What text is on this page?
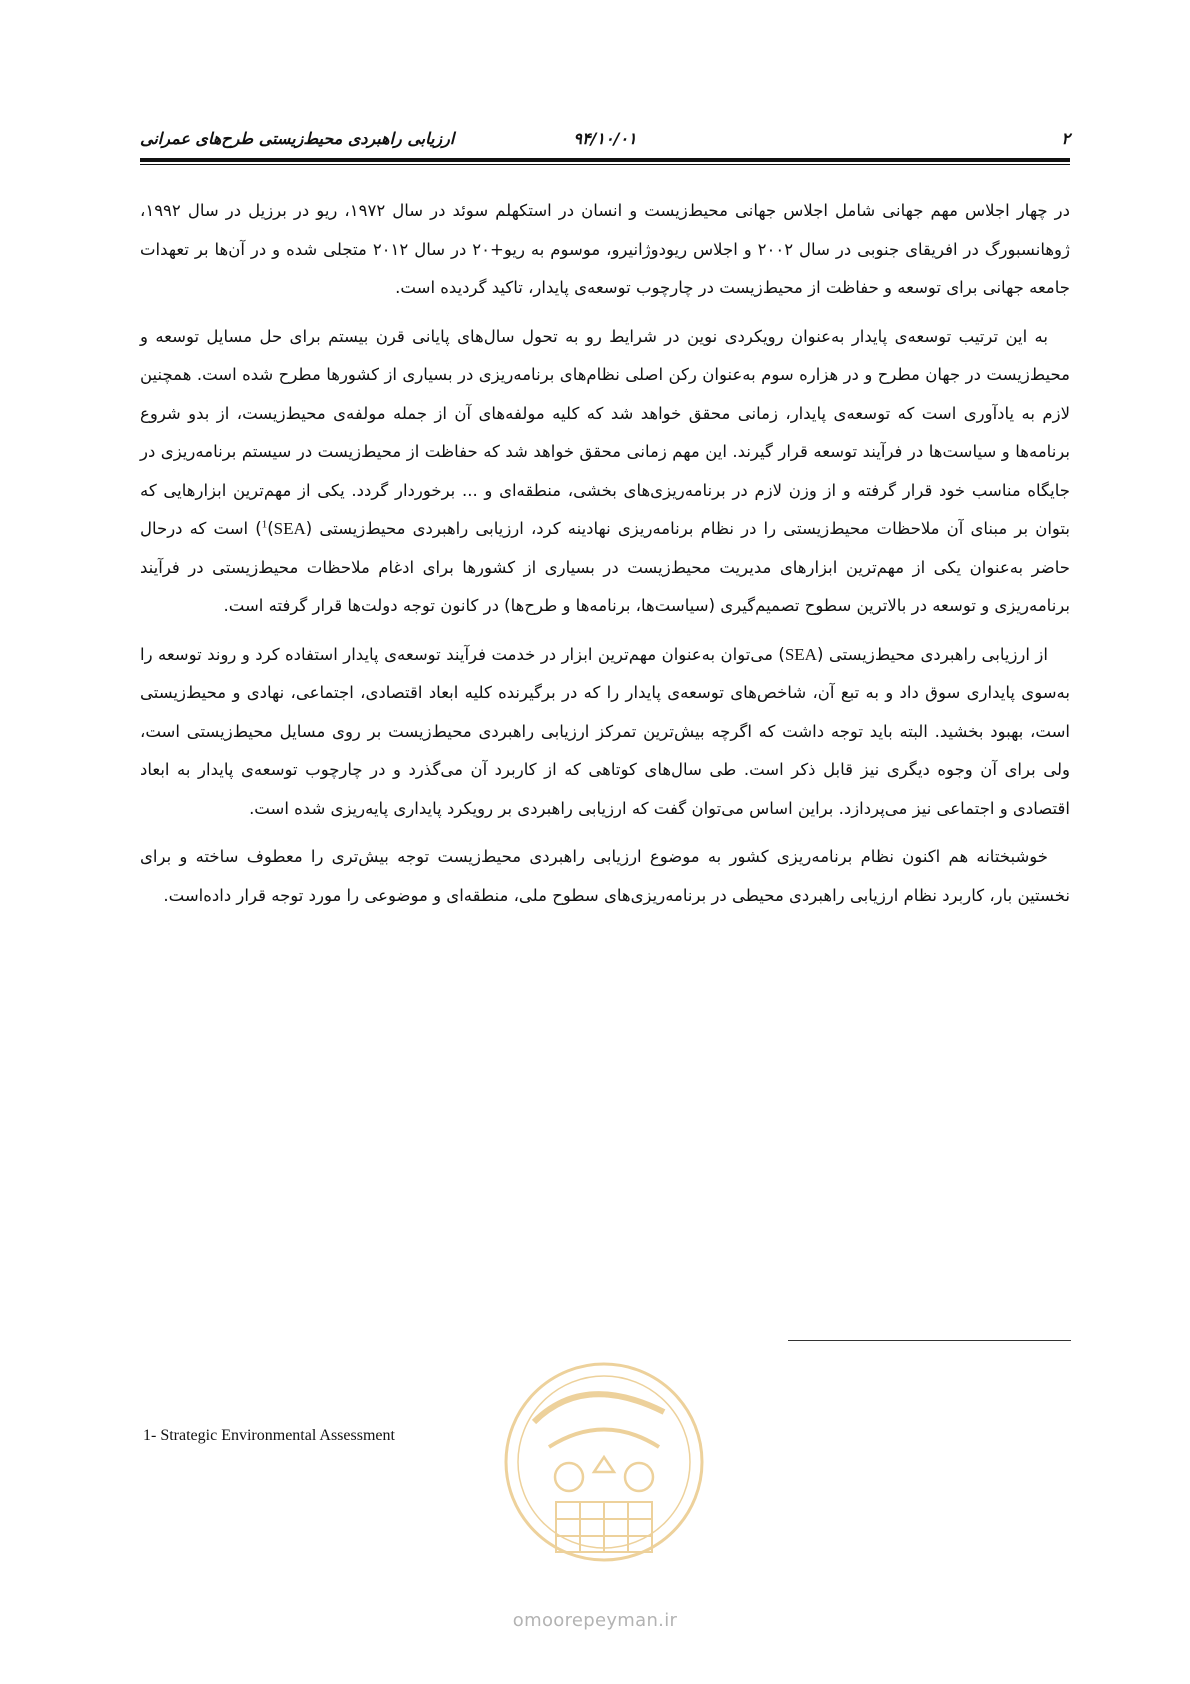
۲
۹۴/۱۰/۰۱
ارزیابی راهبردی محیط‌زیستی طرح‌های عمرانی

در چهار اجلاس مهم جهانی شامل اجلاس جهانی محیط‌زیست و انسان در استکهلم سوئد در سال ۱۹۷۲، ریو در برزیل در سال ۱۹۹۲، ژوهانسبورگ در افریقای جنوبی در سال ۲۰۰۲ و اجلاس ریودوژانیرو، موسوم به ریو+۲۰ در سال ۲۰۱۲ متجلی شده و در آن‌ها بر تعهدات جامعه جهانی برای توسعه و حفاظت از محیط‌زیست در چارچوب توسعه‌ی پایدار، تاکید گردیده است.

به این ترتیب توسعه‌ی پایدار به‌عنوان رویکردی نوین در شرایط رو به تحول سال‌های پایانی قرن بیستم برای حل مسایل توسعه و محیط‌زیست در جهان مطرح و در هزاره سوم به‌عنوان رکن اصلی نظام‌های برنامه‌ریزی در بسیاری از کشورها مطرح شده است. همچنین لازم به یادآوری است که توسعه‌ی پایدار، زمانی محقق خواهد شد که کلیه مولفه‌های آن از جمله مولفه‌ی محیط‌زیست، از بدو شروع برنامه‌ها و سیاست‌ها در فرآیند توسعه قرار گیرند. این مهم زمانی محقق خواهد شد که حفاظت از محیط‌زیست در سیستم برنامه‌ریزی در جایگاه مناسب خود قرار گرفته و از وزن لازم در برنامه‌ریزی‌های بخشی، منطقه‌ای و ... برخوردار گردد. یکی از مهم‌ترین ابزارهایی که بتوان بر مبنای آن ملاحظات محیط‌زیستی را در نظام برنامه‌ریزی نهادینه کرد، ارزیابی راهبردی محیط‌زیستی (SEA)$^1$) است که درحال حاضر به‌عنوان یکی از مهم‌ترین ابزارهای مدیریت محیط‌زیست در بسیاری از کشورها برای ادغام ملاحظات محیط‌زیستی در فرآیند برنامه‌ریزی و توسعه در بالاترین سطوح تصمیم‌گیری (سیاست‌ها، برنامه‌ها و طرح‌ها) در کانون توجه دولت‌ها قرار گرفته است.

از ارزیابی راهبردی محیط‌زیستی (SEA) می‌توان به‌عنوان مهم‌ترین ابزار در خدمت فرآیند توسعه‌ی پایدار استفاده کرد و روند توسعه را به‌سوی پایداری سوق داد و به تبع آن، شاخص‌های توسعه‌ی پایدار را که در برگیرنده کلیه ابعاد اقتصادی، اجتماعی، نهادی و محیط‌زیستی است، بهبود بخشید. البته باید توجه داشت که اگرچه بیش‌ترین تمرکز ارزیابی راهبردی محیط‌زیست بر روی مسایل محیط‌زیستی است، ولی برای آن وجوه دیگری نیز قابل ذکر است. طی سال‌های کوتاهی که از کاربرد آن می‌گذرد و در چارچوب توسعه‌ی پایدار به ابعاد اقتصادی و اجتماعی نیز می‌پردازد. براین اساس می‌توان گفت که ارزیابی راهبردی بر رویکرد پایداری پایه‌ریزی شده است.

خوشبختانه هم اکنون نظام برنامه‌ریزی کشور به موضوع ارزیابی راهبردی محیط‌زیست توجه بیش‌تری را معطوف ساخته و برای نخستین بار، کاربرد نظام ارزیابی راهبردی محیطی در برنامه‌ریزی‌های سطوح ملی، منطقه‌ای و موضوعی را مورد توجه قرار داده‌است.

1- Strategic Environmental Assessment
omoorepeyman.ir
